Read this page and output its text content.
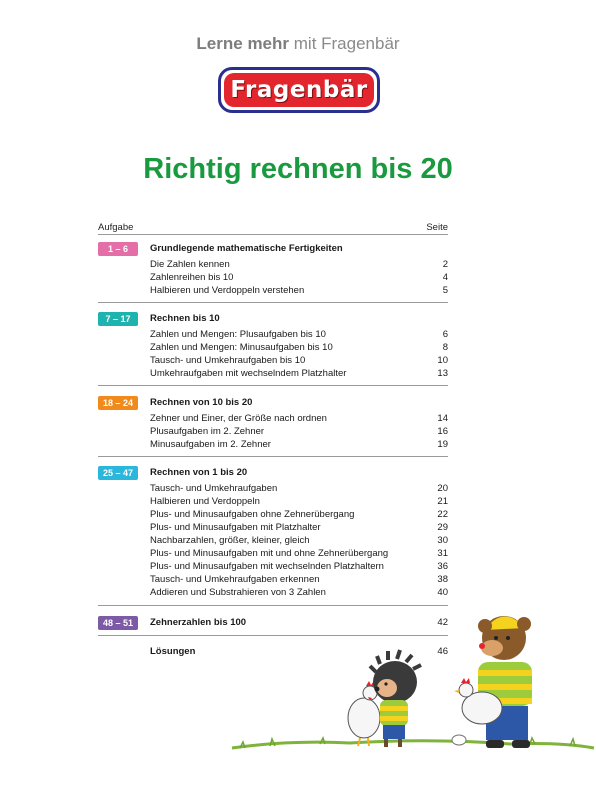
Lerne mehr mit Fragenbär
Fragenbär
Richtig rechnen bis 20
Aufgabe	Seite
1 – 6	Grundlegende mathematische Fertigkeiten
Die Zahlen kennen	2
Zahlenreihen bis 10	4
Halbieren und Verdoppeln verstehen	5
7 – 17	Rechnen bis 10
Zahlen und Mengen: Plusaufgaben bis 10	6
Zahlen und Mengen: Minusaufgaben bis 10	8
Tausch- und Umkehraufgaben bis 10	10
Umkehraufgaben mit wechselndem Platzhalter	13
18 – 24	Rechnen von 10 bis 20
Zehner und Einer, der Größe nach ordnen	14
Plusaufgaben im 2. Zehner	16
Minusaufgaben im 2. Zehner	19
25 – 47	Rechnen von 1 bis 20
Tausch- und Umkehraufgaben	20
Halbieren und Verdoppeln	21
Plus- und Minusaufgaben ohne Zehnerübergang	22
Plus- und Minusaufgaben mit Platzhalter	29
Nachbarzahlen, größer, kleiner, gleich	30
Plus- und Minusaufgaben mit und ohne Zehnerübergang	31
Plus- und Minusaufgaben mit wechselnden Platzhaltern	36
Tausch- und Umkehraufgaben erkennen	38
Addieren und Substrahieren von 3 Zahlen	40
48 – 51	Zehnerzahlen bis 100	42
Lösungen	46
